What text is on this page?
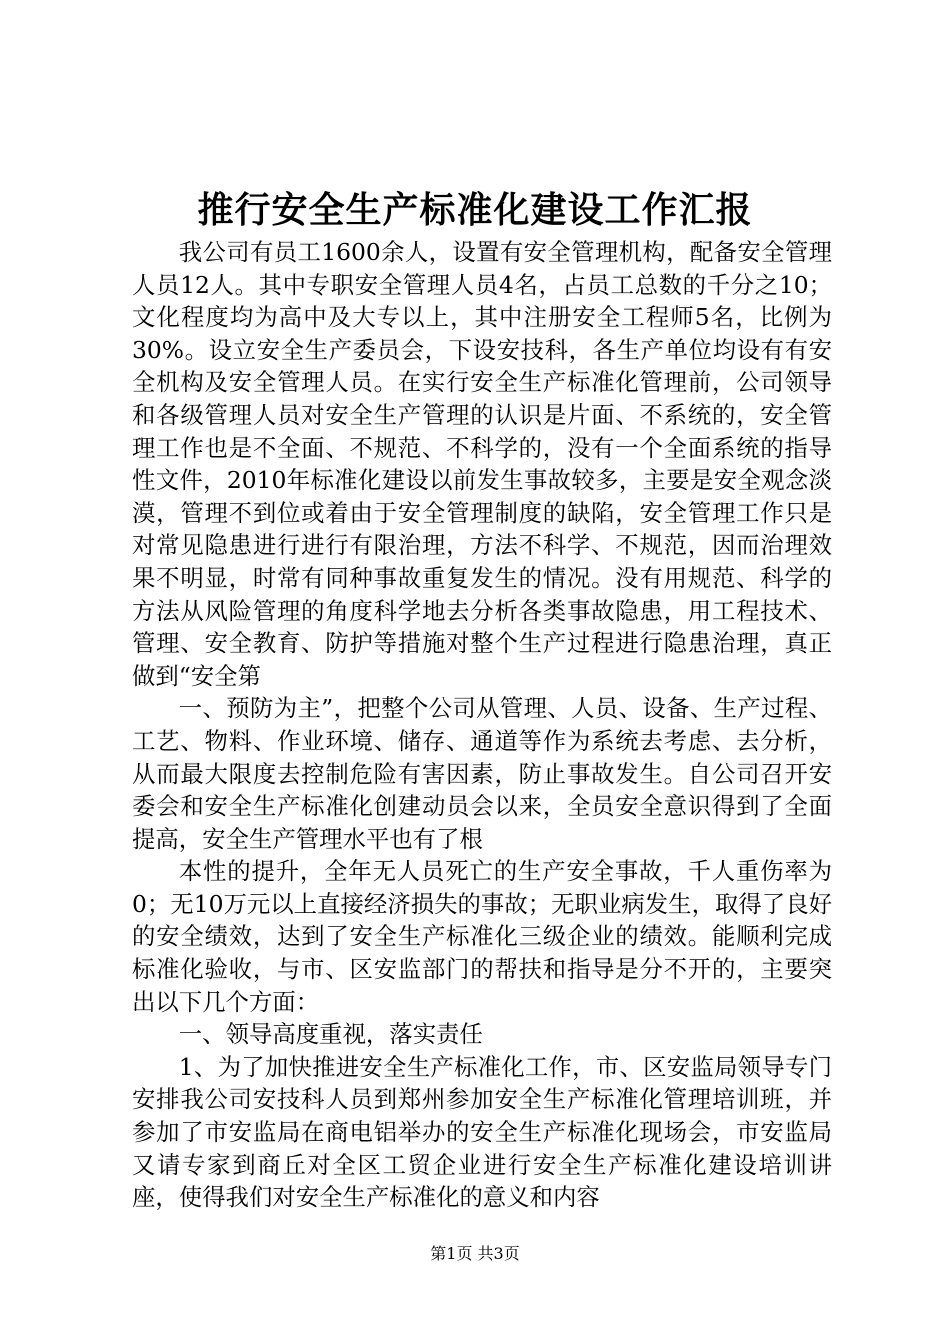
推行安全生产标准化建设工作汇报

我公司有员工1600余人，设置有安全管理机构，配备安全管理人员12人。其中专职安全管理人员4名，占员工总数的千分之10；文化程度均为高中及大专以上，其中注册安全工程师5名，比例为30%。设立安全生产委员会，下设安技科，各生产单位均设有有安全机构及安全管理人员。在实行安全生产标准化管理前，公司领导和各级管理人员对安全生产管理的认识是片面、不系统的，安全管理工作也是不全面、不规范、不科学的，没有一个全面系统的指导性文件，2010年标准化建设以前发生事故较多，主要是安全观念淡漠，管理不到位或着由于安全管理制度的缺陷，安全管理工作只是对常见隐患进行进行有限治理，方法不科学、不规范，因而治理效果不明显，时常有同种事故重复发生的情况。没有用规范、科学的方法从风险管理的角度科学地去分析各类事故隐患，用工程技术、管理、安全教育、防护等措施对整个生产过程进行隐患治理，真正做到“安全第

一、预防为主”，把整个公司从管理、人员、设备、生产过程、工艺、物料、作业环境、储存、通道等作为系统去考虑、去分析，从而最大限度去控制危险有害因素，防止事故发生。自公司召开安委会和安全生产标准化创建动员会以来，全员安全意识得到了全面提高，安全生产管理水平也有了根

本性的提升，全年无人员死亡的生产安全事故，千人重伤率为0；无10万元以上直接经济损失的事故；无职业病发生，取得了良好的安全绩效，达到了安全生产标准化三级企业的绩效。能顺利完成标准化验收，与市、区安监部门的帮扶和指导是分不开的，主要突出以下几个方面：

一、领导高度重视，落实责任

1、为了加快推进安全生产标准化工作，市、区安监局领导专门安排我公司安技科人员到郑州参加安全生产标准化管理培训班，并参加了市安监局在商电铝举办的安全生产标准化现场会，市安监局又请专家到商丘对全区工贸企业进行安全生产标准化建设培训讲座，使得我们对安全生产标准化的意义和内容

第1页 共3页
